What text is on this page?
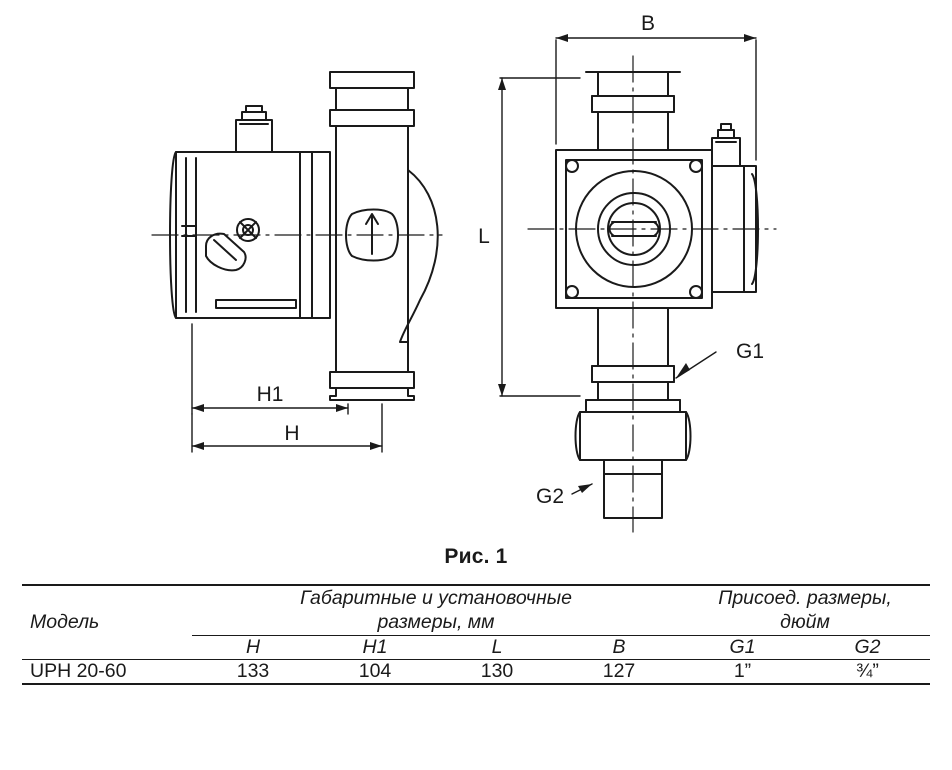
B
L
H1
H
G1
G2
Рис. 1
Модель	
Габаритные и установочные
размеры, мм

Присоед. размеры,
дюйм

	H	H1	L	B	G1	G2
UPH 20-60	133	104	130	127	1”	¾”
